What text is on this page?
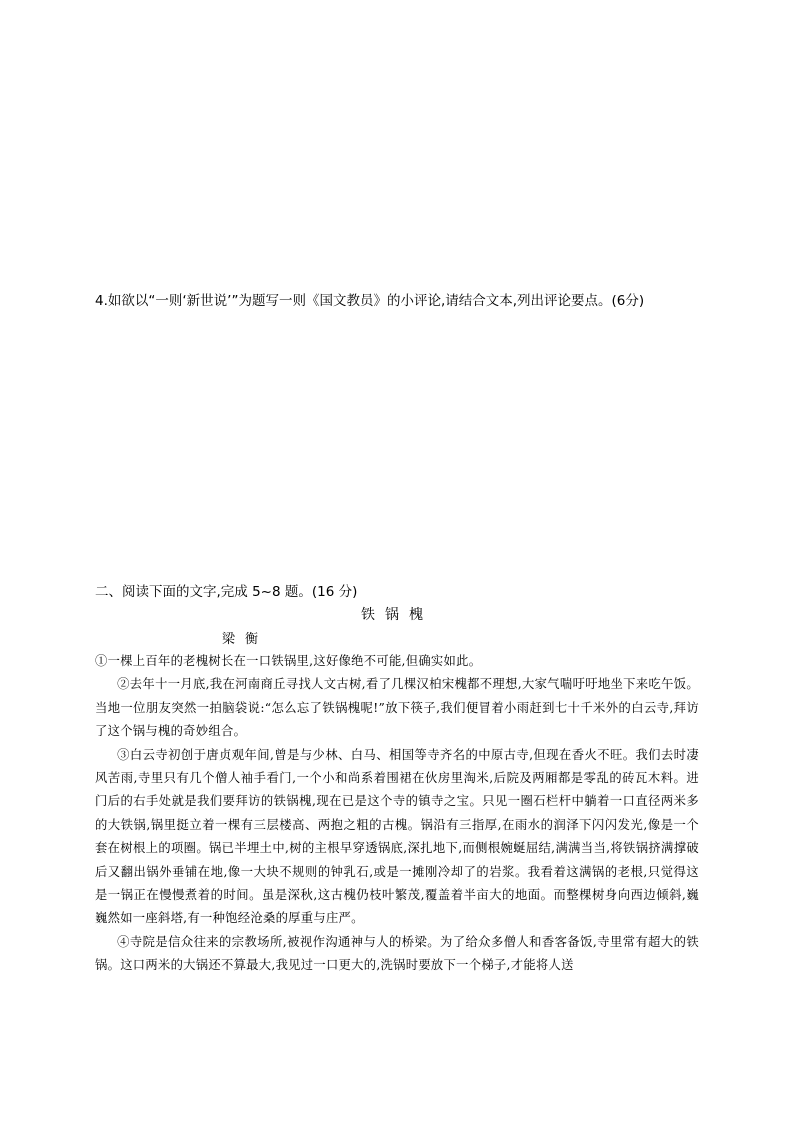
4.如欲以“一则‘新世说’”为题写一则《国文教员》的小评论,请结合文本,列出评论要点。(6分)
二、阅读下面的文字,完成 5~8 题。(16 分)
铁锅槐
梁衡

①一棵上百年的老槐树长在一口铁锅里,这好像绝不可能,但确实如此。

②去年十一月底,我在河南商丘寻找人文古树,看了几棵汉柏宋槐都不理想,大家气喘吁吁地坐下来吃午饭。当地一位朋友突然一拍脑袋说:“怎么忘了铁锅槐呢!”放下筷子,我们便冒着小雨赶到七十千米外的白云寺,拜访了这个锅与槐的奇妙组合。

③白云寺初创于唐贞观年间,曾是与少林、白马、相国等寺齐名的中原古寺,但现在香火不旺。我们去时凄风苦雨,寺里只有几个僧人袖手看门,一个小和尚系着围裙在伙房里淘米,后院及两厢都是零乱的砖瓦木料。进门后的右手处就是我们要拜访的铁锅槐,现在已是这个寺的镇寺之宝。只见一圈石栏杆中躺着一口直径两米多的大铁锅,锅里挺立着一棵有三层楼高、两抱之粗的古槐。锅沿有三指厚,在雨水的润泽下闪闪发光,像是一个套在树根上的项圈。锅已半埋土中,树的主根早穿透锅底,深扎地下,而侧根婉蜒屈结,满满当当,将铁锅挤满撑破后又翻出锅外垂铺在地,像一大块不规则的钟乳石,或是一摊刚冷却了的岩浆。我看着这满锅的老根,只觉得这是一锅正在慢慢煮着的时间。虽是深秋,这古槐仍枝叶繁茂,覆盖着半亩大的地面。而整棵树身向西边倾斜,巍巍然如一座斜塔,有一种饱经沧桑的厚重与庄严。

④寺院是信众往来的宗教场所,被视作沟通神与人的桥梁。为了给众多僧人和香客备饭,寺里常有超大的铁锅。这口两米的大锅还不算最大,我见过一口更大的,洗锅时要放下一个梯子,才能将人送
